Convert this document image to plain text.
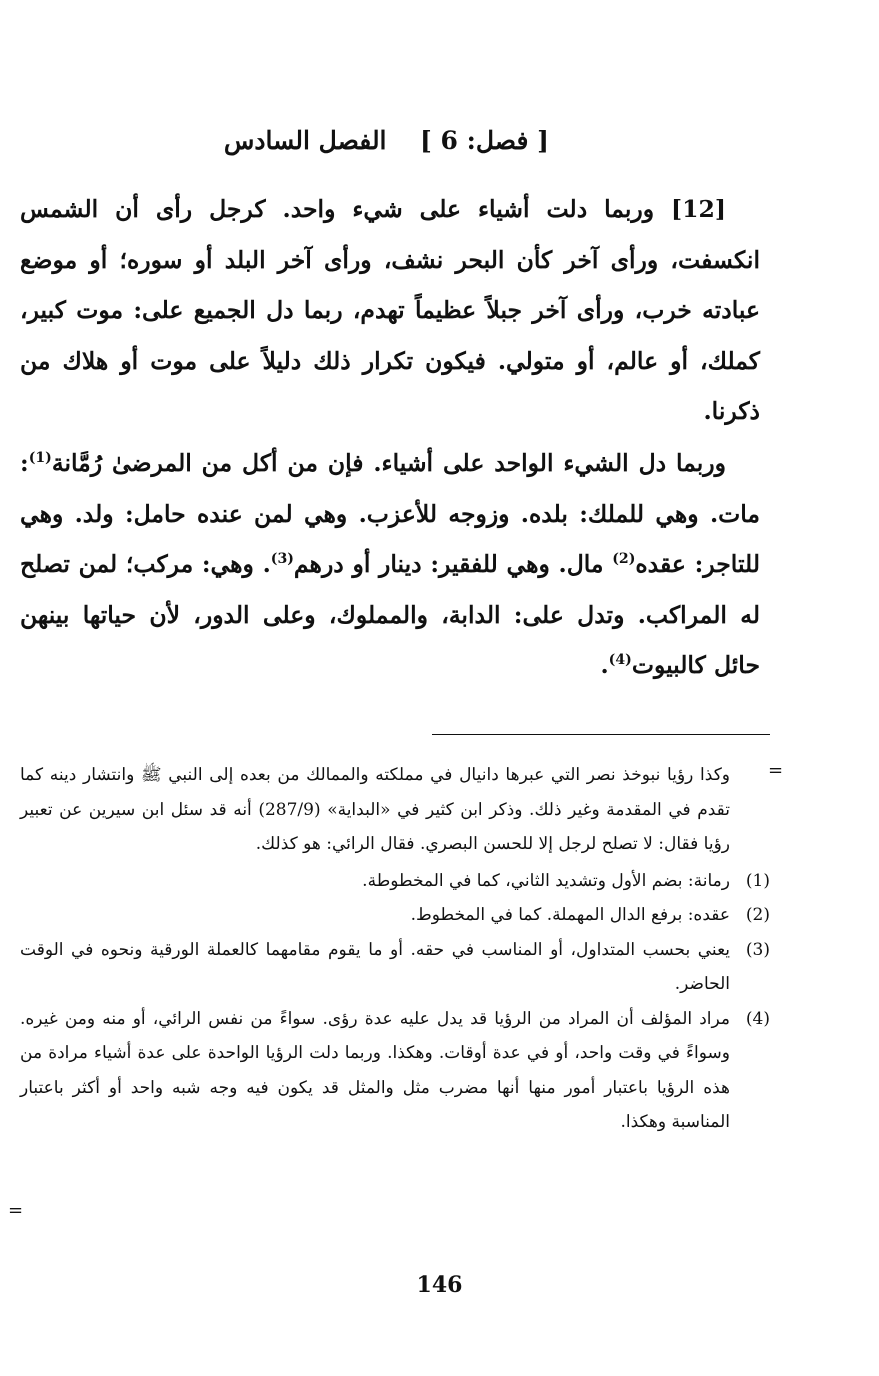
[ فصل: 6 ]  الفصل السادس

[12] وربما دلت أشياء على شيء واحد. كرجل رأى أن الشمس انكسفت، ورأى آخر كأن البحر نشف، ورأى آخر البلد أو سوره؛ أو موضع عبادته خرب، ورأى آخر جبلاً عظيماً تهدم، ربما دل الجميع على: موت كبير، كملك، أو عالم، أو متولي. فيكون تكرار ذلك دليلاً على موت أو هلاك من ذكرنا.

وربما دل الشيء الواحد على أشياء. فإن من أكل من المرضىٰ رُمَّانة$^{(1)}$: مات. وهي للملك: بلده. وزوجه للأعزب. وهي لمن عنده حامل: ولد. وهي للتاجر: عقده$^{(2)}$ مال. وهي للفقير: دينار أو درهم$^{(3)}$. وهي: مركب؛ لمن تصلح له المراكب. وتدل على: الدابة، والمملوك، وعلى الدور، لأن حياتها بينهن حائل كالبيوت$^{(4)}$.

=
وكذا رؤيا نبوخذ نصر التي عبرها دانيال في مملكته والممالك من بعده إلى النبي ﷺ وانتشار دينه كما تقدم في المقدمة وغير ذلك. وذكر ابن كثير في «البداية» (287/9) أنه قد سئل ابن سيرين عن تعبير رؤيا فقال: لا تصلح لرجل إلا للحسن البصري. فقال الرائي: هو كذلك.
(1)
رمانة: بضم الأول وتشديد الثاني، كما في المخطوطة.
(2)
عقده: برفع الدال المهملة. كما في المخطوط.
(3)
يعني بحسب المتداول، أو المناسب في حقه. أو ما يقوم مقامهما كالعملة الورقية ونحوه في الوقت الحاضر.
(4)
مراد المؤلف أن المراد من الرؤيا قد يدل عليه عدة رؤى. سواءً من نفس الرائي، أو منه ومن غيره. وسواءً في وقت واحد، أو في عدة أوقات. وهكذا. وربما دلت الرؤيا الواحدة على عدة أشياء مرادة من هذه الرؤيا باعتبار أمور منها أنها مضرب مثل والمثل قد يكون فيه وجه شبه واحد أو أكثر باعتبار المناسبة وهكذا.
=
146
